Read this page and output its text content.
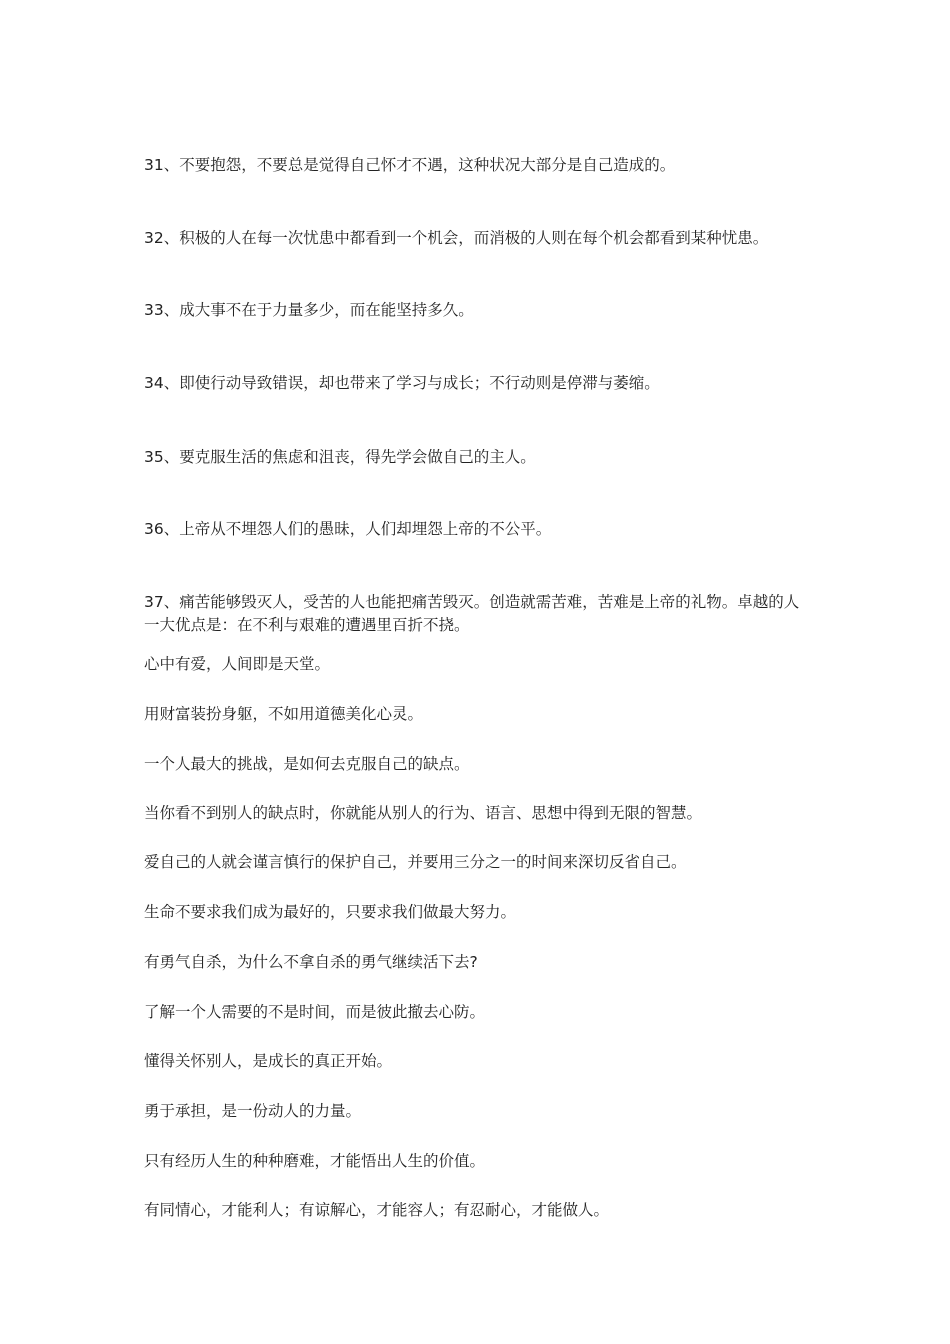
31、不要抱怨，不要总是觉得自己怀才不遇，这种状况大部分是自己造成的。

32、积极的人在每一次忧患中都看到一个机会，而消极的人则在每个机会都看到某种忧患。

33、成大事不在于力量多少，而在能坚持多久。

34、即使行动导致错误，却也带来了学习与成长；不行动则是停滞与萎缩。

35、要克服生活的焦虑和沮丧，得先学会做自己的主人。

36、上帝从不埋怨人们的愚昧，人们却埋怨上帝的不公平。

37、痛苦能够毁灭人，受苦的人也能把痛苦毁灭。创造就需苦难，苦难是上帝的礼物。卓越的人一大优点是：在不利与艰难的遭遇里百折不挠。

心中有爱，人间即是天堂。

用财富装扮身躯，不如用道德美化心灵。

一个人最大的挑战，是如何去克服自己的缺点。

当你看不到别人的缺点时，你就能从别人的行为、语言、思想中得到无限的智慧。

爱自己的人就会谨言慎行的保护自己，并要用三分之一的时间来深切反省自己。

生命不要求我们成为最好的，只要求我们做最大努力。

有勇气自杀，为什么不拿自杀的勇气继续活下去?

了解一个人需要的不是时间，而是彼此撤去心防。

懂得关怀别人，是成长的真正开始。

勇于承担，是一份动人的力量。

只有经历人生的种种磨难，才能悟出人生的价值。

有同情心，才能利人；有谅解心，才能容人；有忍耐心，才能做人。
